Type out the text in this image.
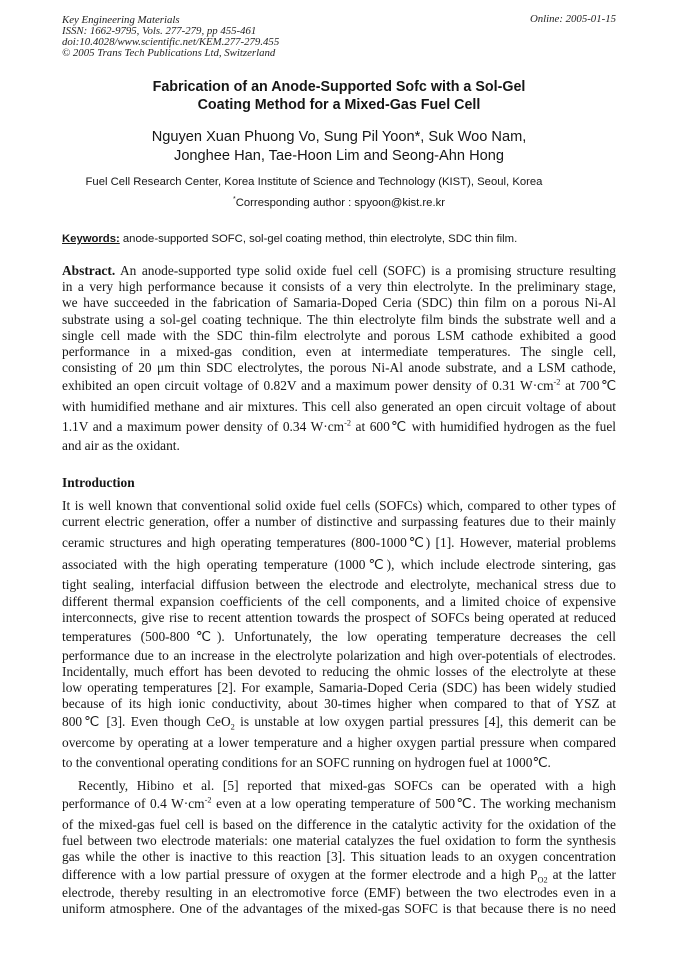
Key Engineering Materials
ISSN: 1662-9795, Vols. 277-279, pp 455-461
doi:10.4028/www.scientific.net/KEM.277-279.455
© 2005 Trans Tech Publications Ltd, Switzerland
Online: 2005-01-15
Fabrication of an Anode-Supported Sofc with a Sol-Gel
Coating Method for a Mixed-Gas Fuel Cell
Nguyen Xuan Phuong Vo, Sung Pil Yoon*, Suk Woo Nam,
Jonghee Han, Tae-Hoon Lim and Seong-Ahn Hong
Fuel Cell Research Center, Korea Institute of Science and Technology (KIST), Seoul, Korea
*Corresponding author : spyoon@kist.re.kr
Keywords: anode-supported SOFC, sol-gel coating method, thin electrolyte, SDC thin film.
Abstract. An anode-supported type solid oxide fuel cell (SOFC) is a promising structure resulting
in a very high performance because it consists of a very thin electrolyte. In the preliminary stage,
we have succeeded in the fabrication of Samaria-Doped Ceria (SDC) thin film on a porous Ni-Al
substrate using a sol-gel coating technique. The thin electrolyte film binds the substrate well and a
single cell made with the SDC thin-film electrolyte and porous LSM cathode exhibited a good
performance in a mixed-gas condition, even at intermediate temperatures. The single cell,
consisting of 20 μm thin SDC electrolytes, the porous Ni-Al anode substrate, and a LSM cathode,
exhibited an open circuit voltage of 0.82V and a maximum power density of 0.31 $W\cdot cm^{-2}$ at 700℃
with humidified methane and air mixtures. This cell also generated an open circuit voltage of about
1.1V and a maximum power density of 0.34 $W\cdot cm^{-2}$ at 600℃ with humidified hydrogen as the fuel
and air as the oxidant.
Introduction
It is well known that conventional solid oxide fuel cells (SOFCs) which, compared to other types of
current electric generation, offer a number of distinctive and surpassing features due to their mainly
ceramic structures and high operating temperatures (800-1000℃) [1]. However, material problems
associated with the high operating temperature (1000℃), which include electrode sintering, gas
tight sealing, interfacial diffusion between the electrode and electrolyte, mechanical stress due to
different thermal expansion coefficients of the cell components, and a limited choice of expensive
interconnects, give rise to recent attention towards the prospect of SOFCs being operated at reduced
temperatures (500-800℃). Unfortunately, the low operating temperature decreases the cell
performance due to an increase in the electrolyte polarization and high over-potentials of electrodes.
Incidentally, much effort has been devoted to reducing the ohmic losses of the electrolyte at these
low operating temperatures [2]. For example, Samaria-Doped Ceria (SDC) has been widely studied
because of its high ionic conductivity, about 30-times higher when compared to that of YSZ at
800℃ [3]. Even though CeO$_2$ is unstable at low oxygen partial pressures [4], this demerit can be
overcome by operating at a lower temperature and a higher oxygen partial pressure when compared
to the conventional operating conditions for an SOFC running on hydrogen fuel at 1000℃.
Recently, Hibino et al. [5] reported that mixed-gas SOFCs can be operated with a high
performance of 0.4 $W\cdot cm^{-2}$ even at a low operating temperature of 500℃. The working mechanism
of the mixed-gas fuel cell is based on the difference in the catalytic activity for the oxidation of the
fuel between two electrode materials: one material catalyzes the fuel oxidation to form the synthesis
gas while the other is inactive to this reaction [3]. This situation leads to an oxygen concentration
difference with a low partial pressure of oxygen at the former electrode and a high $P_{O2}$ at the latter
electrode, thereby resulting in an electromotive force (EMF) between the two electrodes even in a
uniform atmosphere. One of the advantages of the mixed-gas SOFC is that because there is no need
